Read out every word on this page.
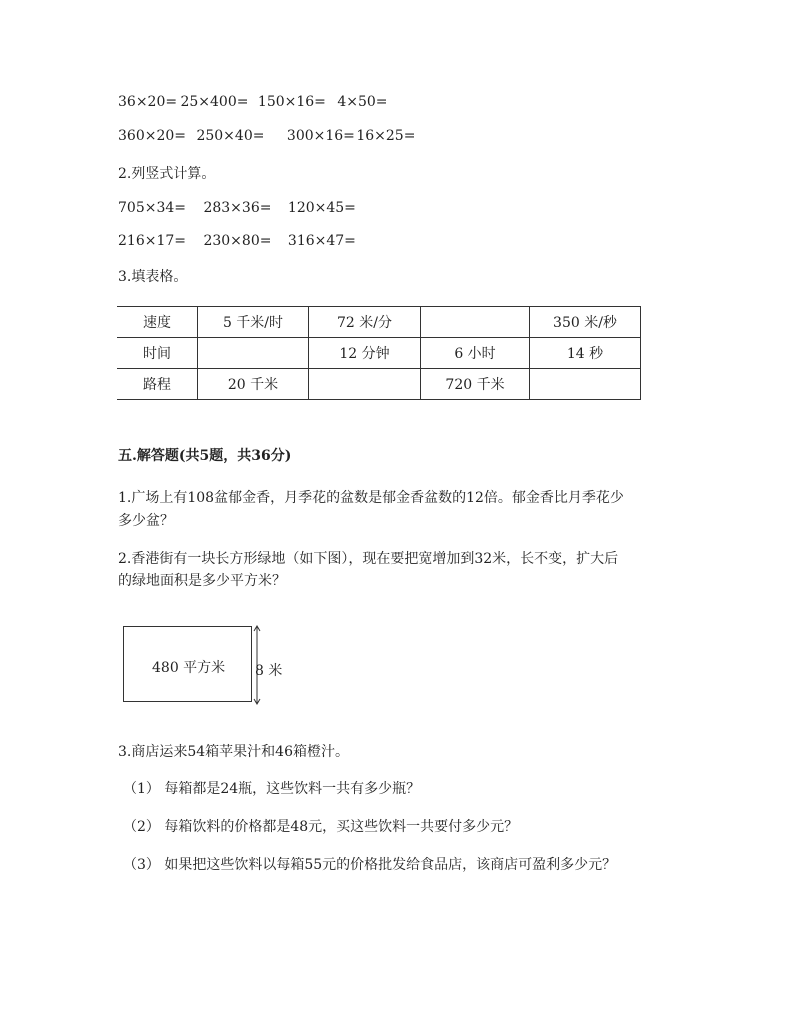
36×20= 25×400= 150×16= 4×50=
360×20= 250×40= 300×16= 16×25=
2.列竖式计算。
705×34= 283×36= 120×45=
216×17= 230×80= 316×47=
3.填表格。
速度	5 千米/时	72 米/分		350 米/秒
时间		12 分钟	6 小时	14 秒
路程	20 千米		720 千米	
五.解答题(共5题，共36分)
1.广场上有108盆郁金香，月季花的盆数是郁金香盆数的12倍。郁金香比月季花少
多少盆？
2.香港街有一块长方形绿地（如下图），现在要把宽增加到32米，长不变，扩大后
的绿地面积是多少平方米？
480 平方米 8 米
3.商店运来54箱苹果汁和46箱橙汁。
（1） 每箱都是24瓶，这些饮料一共有多少瓶？
（2） 每箱饮料的价格都是48元，买这些饮料一共要付多少元？
（3） 如果把这些饮料以每箱55元的价格批发给食品店，该商店可盈利多少元？
